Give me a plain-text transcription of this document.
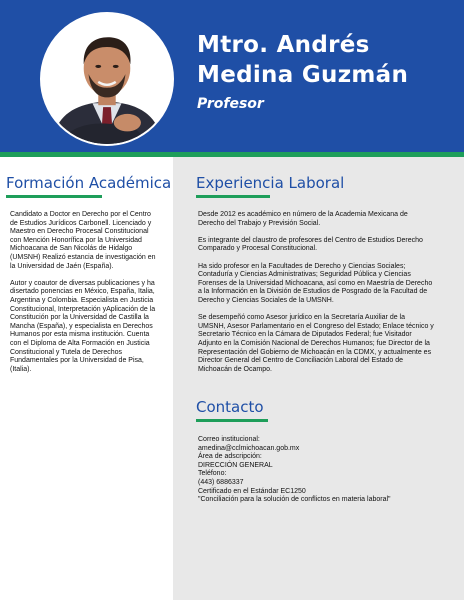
Mtro. Andrés
Medina Guzmán
Profesor
Formación Académica

Candidato a Doctor en Derecho por el Centro de Estudios Jurídicos Carbonell. Licenciado y Maestro en Derecho Procesal Constitucional con Mención Honorífica por la Universidad Michoacana de San Nicolás de Hidalgo (UMSNH) Realizó estancia de investigación en la Universidad de Jaén (España).

Autor y coautor de diversas publicaciones y ha disertado ponencias en México, España, Italia, Argentina y Colombia. Especialista en Justicia Constitucional, Interpretación yAplicación de la Constitución por la Universidad de Castilla la Mancha (España), y especialista en Derechos Humanos por esta misma institución. Cuenta con el Diploma de Alta Formación en Justicia Constitucional y Tutela de Derechos Fundamentales por la Universidad de Pisa, (Italia).

Experiencia Laboral

Desde 2012 es académico en número de la Academia Mexicana de Derecho del Trabajo y Previsión Social.

Es integrante del claustro de profesores del Centro de Estudios Derecho Comparado y Procesal Constitucional.

Ha sido profesor en la Facultades de Derecho y Ciencias Sociales; Contaduría y Ciencias Administrativas; Seguridad Pública y Ciencias Forenses de la Universidad Michoacana, así como en Maestría de Derecho a la Información en la División de Estudios de Posgrado de la Facultad de Derecho y Ciencias Sociales de la UMSNH.

Se desempeñó como Asesor jurídico en la Secretaría Auxiliar de la UMSNH, Asesor Parlamentario en el Congreso del Estado; Enlace técnico y Secretario Técnico en la Cámara de Diputados Federal; fue Visitador Adjunto en la Comisión Nacional de Derechos Humanos; fue Director de la Representación del Gobierno de Michoacán en la CDMX, y actualmente es Director General del Centro de Conciliación Laboral del Estado de Michoacán de Ocampo.

Contacto
Correo institucional:
amedina@cclmichoacan.gob.mx
Área de adscripción:
DIRECCIÓN GENERAL
Teléfono:
(443) 6886337
Certificado en el Estándar EC1250
"Conciliación para la solución de conflictos en materia laboral"
